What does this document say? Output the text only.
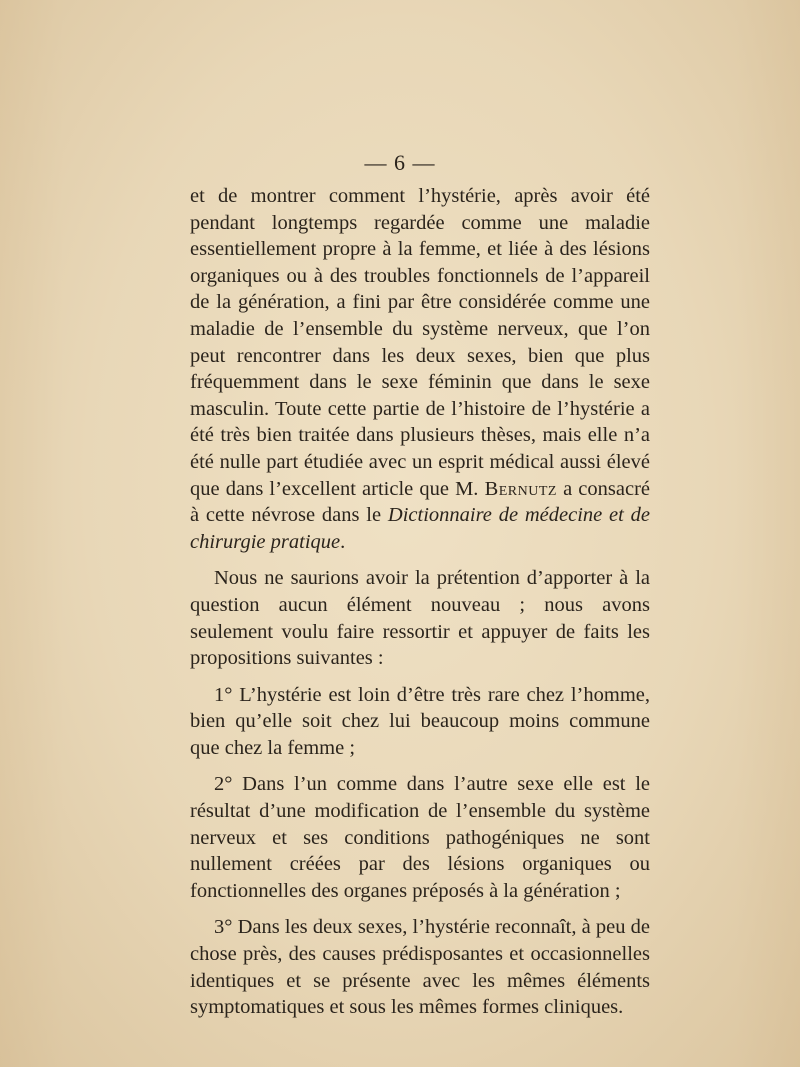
— 6 —

et de montrer comment l’hystérie, après avoir été pendant longtemps regardée comme une maladie essentiellement propre à la femme, et liée à des lésions organiques ou à des troubles fonctionnels de l’appareil de la génération, a fini par être considérée comme une maladie de l’ensemble du système nerveux, que l’on peut rencontrer dans les deux sexes, bien que plus fréquemment dans le sexe féminin que dans le sexe masculin. Toute cette partie de l’histoire de l’hystérie a été très bien traitée dans plusieurs thèses, mais elle n’a été nulle part étudiée avec un esprit médical aussi élevé que dans l’excellent article que M. Bernutz a consacré à cette névrose dans le Dictionnaire de médecine et de chirurgie pratique.

Nous ne saurions avoir la prétention d’apporter à la question aucun élément nouveau ; nous avons seulement voulu faire ressortir et appuyer de faits les propositions suivantes :

1° L’hystérie est loin d’être très rare chez l’homme, bien qu’elle soit chez lui beaucoup moins commune que chez la femme ;

2° Dans l’un comme dans l’autre sexe elle est le résultat d’une modification de l’ensemble du système nerveux et ses conditions pathogéniques ne sont nullement créées par des lésions organiques ou fonctionnelles des organes préposés à la génération ;

3° Dans les deux sexes, l’hystérie reconnaît, à peu de chose près, des causes prédisposantes et occasionnelles identiques et se présente avec les mêmes éléments symptomatiques et sous les mêmes formes cliniques.
